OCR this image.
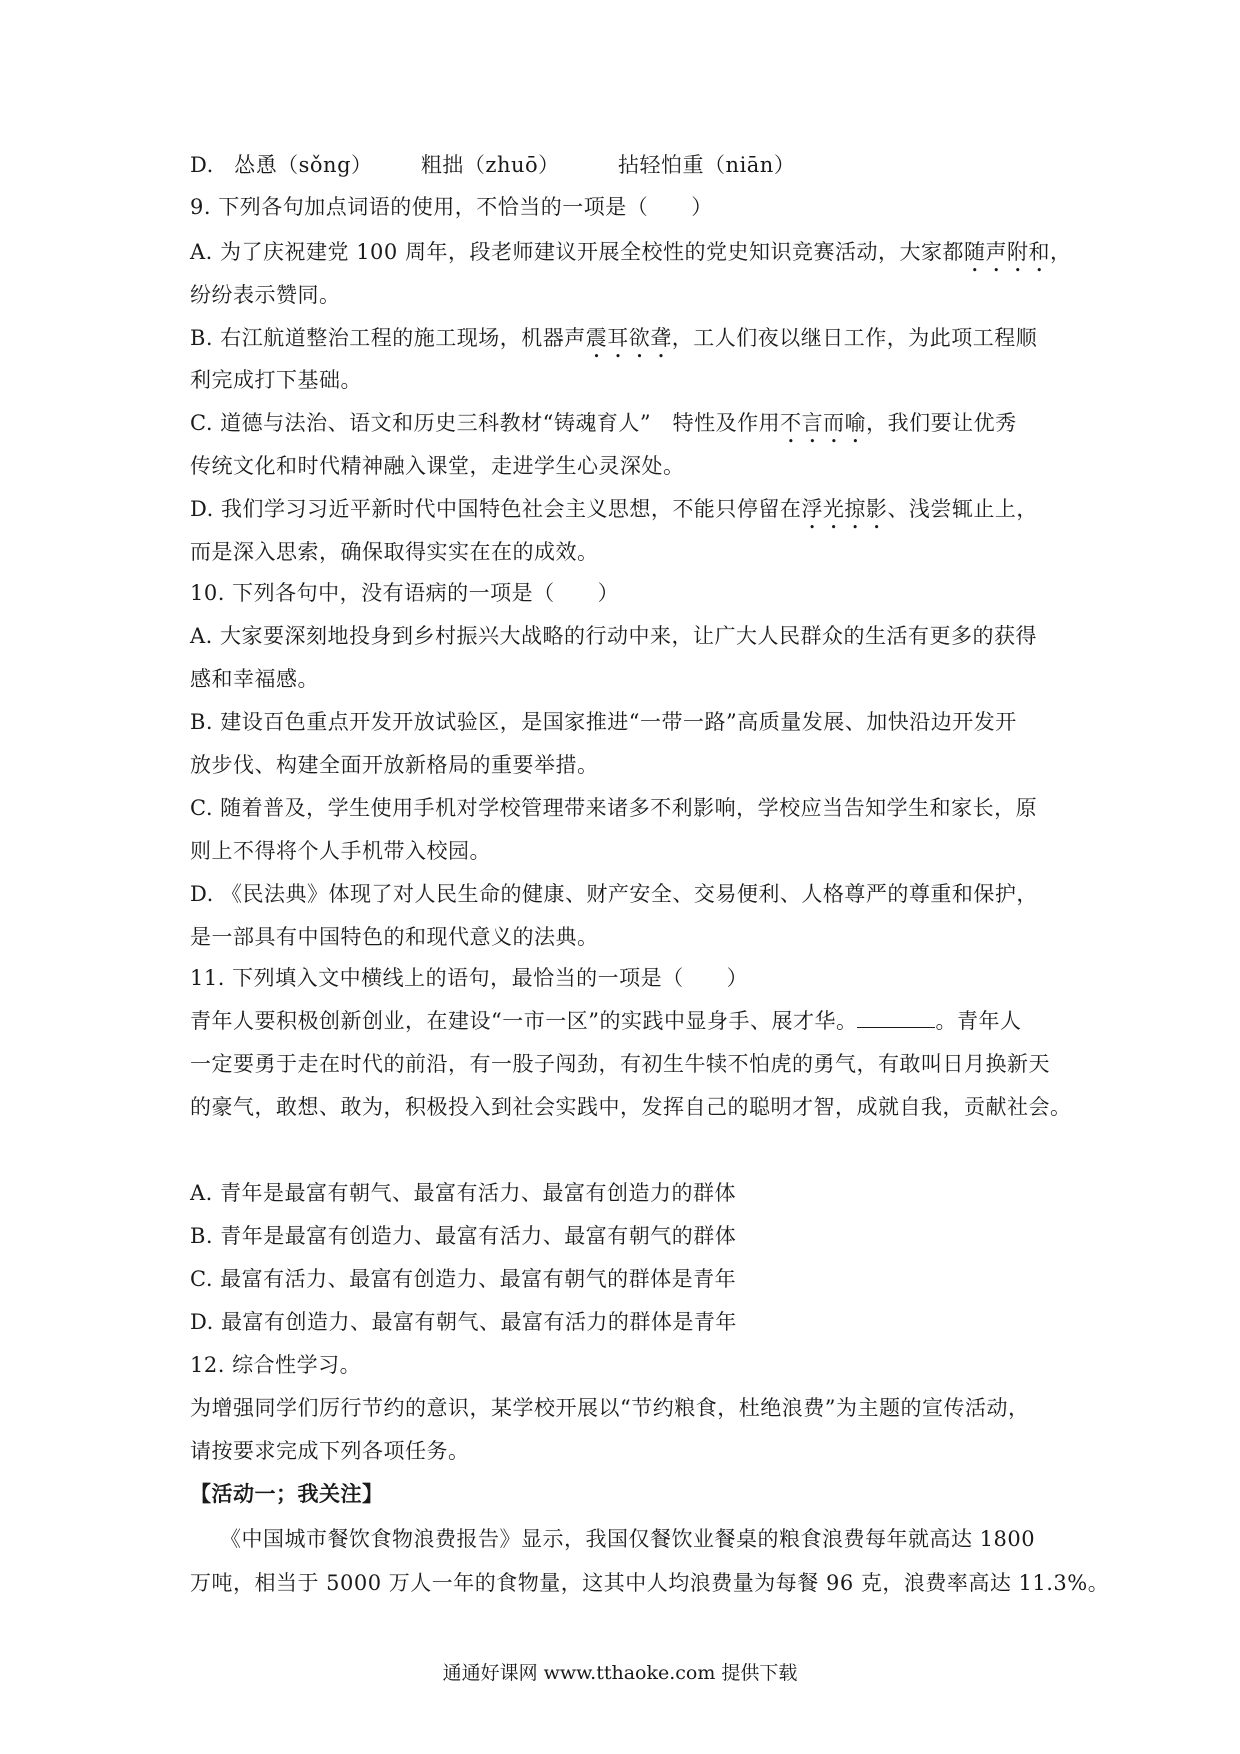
D. 怂恿（sǒng） 粗拙（zhuō）	拈轻怕重（niān）
9. 下列各句加点词语的使用，不恰当的一项是（　　）
A. 为了庆祝建党 100 周年，段老师建议开展全校性的党史知识竞赛活动，大家都随声附和，
纷纷表示赞同。
B. 右江航道整治工程的施工现场，机器声震耳欲聋，工人们夜以继日工作，为此项工程顺
利完成打下基础。
C. 道德与法治、语文和历史三科教材“铸魂育人”　特性及作用不言而喻，我们要让优秀
传统文化和时代精神融入课堂，走进学生心灵深处。
D. 我们学习习近平新时代中国特色社会主义思想，不能只停留在浮光掠影、浅尝辄止上，
而是深入思索，确保取得实实在在的成效。
10. 下列各句中，没有语病的一项是（　　）
A. 大家要深刻地投身到乡村振兴大战略的行动中来，让广大人民群众的生活有更多的获得
感和幸福感。
B. 建设百色重点开发开放试验区，是国家推进“一带一路”高质量发展、加快沿边开发开
放步伐、构建全面开放新格局的重要举措。
C. 随着普及，学生使用手机对学校管理带来诸多不利影响，学校应当告知学生和家长，原
则上不得将个人手机带入校园。
D. 《民法典》体现了对人民生命的健康、财产安全、交易便利、人格尊严的尊重和保护，
是一部具有中国特色的和现代意义的法典。
11. 下列填入文中横线上的语句，最恰当的一项是（　　）
青年人要积极创新创业，在建设“一市一区”的实践中显身手、展才华。	。青年人
一定要勇于走在时代的前沿，有一股子闯劲，有初生牛犊不怕虎的勇气，有敢叫日月换新天
的豪气，敢想、敢为，积极投入到社会实践中，发挥自己的聪明才智，成就自我，贡献社会。
A. 青年是最富有朝气、最富有活力、最富有创造力的群体
B. 青年是最富有创造力、最富有活力、最富有朝气的群体
C. 最富有活力、最富有创造力、最富有朝气的群体是青年
D. 最富有创造力、最富有朝气、最富有活力的群体是青年
12. 综合性学习。
为增强同学们厉行节约的意识，某学校开展以“节约粮食，杜绝浪费”为主题的宣传活动，
请按要求完成下列各项任务。
【活动一；我关注】
《中国城市餐饮食物浪费报告》显示，我国仅餐饮业餐桌的粮食浪费每年就高达 1800
万吨，相当于 5000 万人一年的食物量，这其中人均浪费量为每餐 96 克，浪费率高达 11.3%。
通通好课网 www.tthaoke.com 提供下载
